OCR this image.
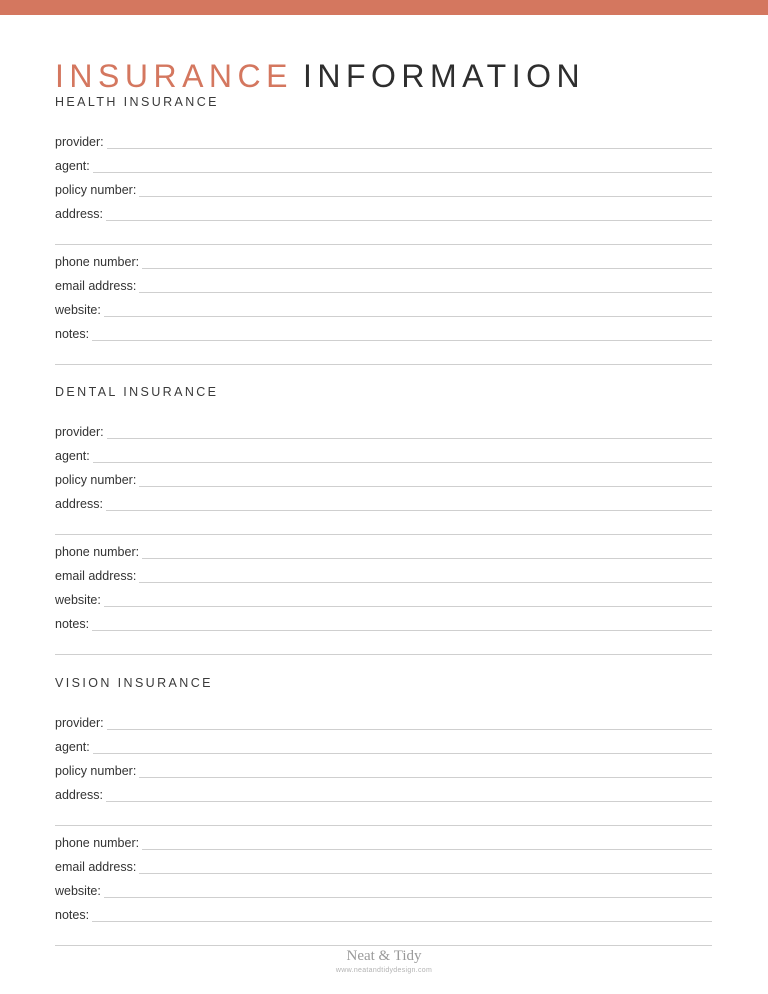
INSURANCE INFORMATION
HEALTH INSURANCE
provider:
agent:
policy number:
address:
phone number:
email address:
website:
notes:
DENTAL INSURANCE
provider:
agent:
policy number:
address:
phone number:
email address:
website:
notes:
VISION INSURANCE
provider:
agent:
policy number:
address:
phone number:
email address:
website:
notes:
Neat & Tidy
www.neatandtidydesign.com
